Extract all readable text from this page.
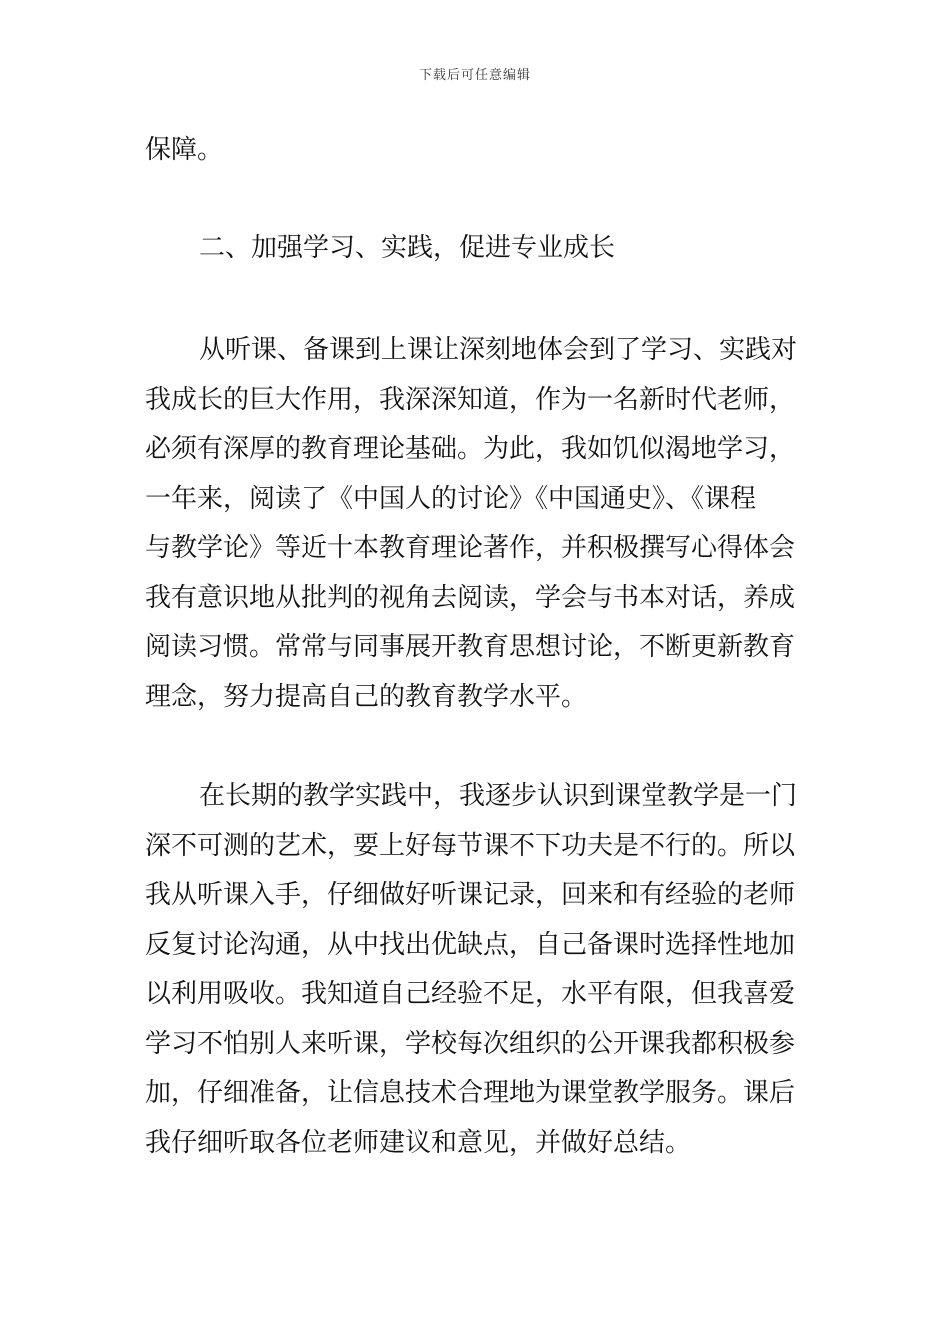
下载后可任意编辑
保障。
二、加强学习、实践，促进专业成长
从听课、备课到上课让深刻地体会到了学习、实践对
我成长的巨大作用，我深深知道，作为一名新时代老师，
必须有深厚的教育理论基础。为此，我如饥似渴地学习，
一年来，阅读了《中国人的讨论》《中国通史》、《课程
与教学论》等近十本教育理论著作，并积极撰写心得体会
我有意识地从批判的视角去阅读，学会与书本对话，养成
阅读习惯。常常与同事展开教育思想讨论，不断更新教育
理念，努力提高自己的教育教学水平。
在长期的教学实践中，我逐步认识到课堂教学是一门
深不可测的艺术，要上好每节课不下功夫是不行的。所以
我从听课入手，仔细做好听课记录，回来和有经验的老师
反复讨论沟通，从中找出优缺点，自己备课时选择性地加
以利用吸收。我知道自己经验不足，水平有限，但我喜爱
学习不怕别人来听课，学校每次组织的公开课我都积极参
加，仔细准备，让信息技术合理地为课堂教学服务。课后
我仔细听取各位老师建议和意见，并做好总结。
